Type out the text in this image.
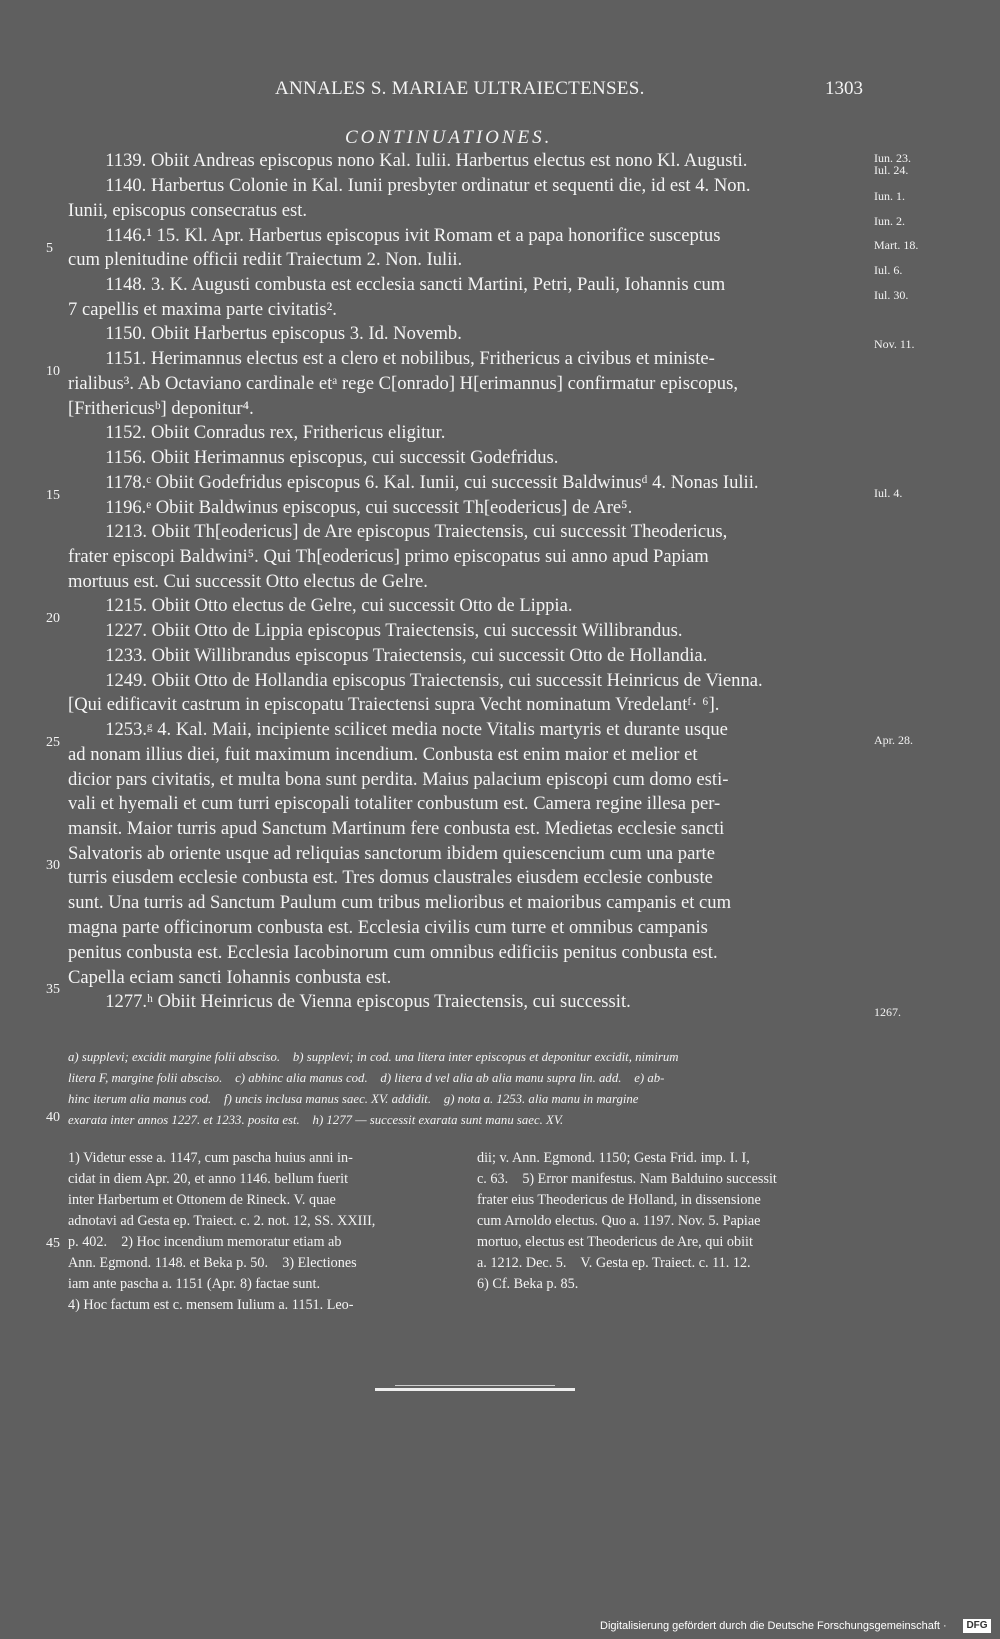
ANNALES S. MARIAE ULTRAIECTENSES.	1303
CONTINUATIONES.
1139. Obiit Andreas episcopus nono Kal. Iulii. Harbertus electus est nono Kl. Augusti.
1140. Harbertus Colonie in Kal. Iunii presbyter ordinatur et sequenti die, id est 4. Non.
Iunii, episcopus consecratus est.
1146.¹ 15. Kl. Apr. Harbertus episcopus ivit Romam et a papa honorifice susceptus
cum plenitudine officii rediit Traiectum 2. Non. Iulii.
1148. 3. K. Augusti combusta est ecclesia sancti Martini, Petri, Pauli, Iohannis cum
7 capellis et maxima parte civitatis².
1150. Obiit Harbertus episcopus 3. Id. Novemb.
1151. Herimannus electus est a clero et nobilibus, Frithericus a civibus et ministe-
rialibus³. Ab Octaviano cardinale etᵃ rege C[onrado] H[erimannus] confirmatur episcopus,
[Frithericusᵇ] deponitur⁴.
1152. Obiit Conradus rex, Frithericus eligitur.
1156. Obiit Herimannus episcopus, cui successit Godefridus.
1178.ᶜ Obiit Godefridus episcopus 6. Kal. Iunii, cui successit Baldwinusᵈ 4. Nonas Iulii.
1196.ᵉ Obiit Baldwinus episcopus, cui successit Th[eodericus] de Are⁵.
1213. Obiit Th[eodericus] de Are episcopus Traiectensis, cui successit Theodericus,
frater episcopi Baldwini⁵. Qui Th[eodericus] primo episcopatus sui anno apud Papiam
mortuus est. Cui successit Otto electus de Gelre.
1215. Obiit Otto electus de Gelre, cui successit Otto de Lippia.
1227. Obiit Otto de Lippia episcopus Traiectensis, cui successit Willibrandus.
1233. Obiit Willibrandus episcopus Traiectensis, cui successit Otto de Hollandia.
1249. Obiit Otto de Hollandia episcopus Traiectensis, cui successit Heinricus de Vienna.
[Qui edificavit castrum in episcopatu Traiectensi supra Vecht nominatum Vredelantᶠ· ⁶].
1253.ᵍ 4. Kal. Maii, incipiente scilicet media nocte Vitalis martyris et durante usque
ad nonam illius diei, fuit maximum incendium. Conbusta est enim maior et melior et
dicior pars civitatis, et multa bona sunt perdita. Maius palacium episcopi cum domo esti-
vali et hyemali et cum turri episcopali totaliter conbustum est. Camera regine illesa per-
mansit. Maior turris apud Sanctum Martinum fere conbusta est. Medietas ecclesie sancti
Salvatoris ab oriente usque ad reliquias sanctorum ibidem quiescencium cum una parte
turris eiusdem ecclesie conbusta est. Tres domus claustrales eiusdem ecclesie conbuste
sunt. Una turris ad Sanctum Paulum cum tribus melioribus et maioribus campanis et cum
magna parte officinorum conbusta est. Ecclesia civilis cum turre et omnibus campanis
penitus conbusta est. Ecclesia Iacobinorum cum omnibus edificiis penitus conbusta est.
Capella eciam sancti Iohannis conbusta est.
1277.ʰ Obiit Heinricus de Vienna episcopus Traiectensis, cui successit.
5
10
15
20
25
30
35
40
45
Iun. 23.
Iul. 24.
Iun. 1.
Iun. 2.
Mart. 18.
Iul. 6.
Iul. 30.
Nov. 11.
Iul. 4.
Apr. 28.
1267.
a) supplevi; excidit margine folii absciso.    b) supplevi; in cod. una litera inter episcopus et deponitur excidit, nimirum
litera F, margine folii absciso.    c) abhinc alia manus cod.    d) litera d vel alia ab alia manu supra lin. add.    e) ab-
hinc iterum alia manus cod.    f) uncis inclusa manus saec. XV. addidit.    g) nota a. 1253. alia manu in margine
exarata inter annos 1227. et 1233. posita est.    h) 1277 — successit exarata sunt manu saec. XV.
1) Videtur esse a. 1147, cum pascha huius anni in-
cidat in diem Apr. 20, et anno 1146. bellum fuerit
inter Harbertum et Ottonem de Rineck. V. quae
adnotavi ad Gesta ep. Traiect. c. 2. not. 12, SS. XXIII,
p. 402.    2) Hoc incendium memoratur etiam ab
Ann. Egmond. 1148. et Beka p. 50.    3) Electiones
iam ante pascha a. 1151 (Apr. 8) factae sunt.
4) Hoc factum est c. mensem Iulium a. 1151. Leo-
dii; v. Ann. Egmond. 1150; Gesta Frid. imp. I. I,
c. 63.    5) Error manifestus. Nam Balduino successit
frater eius Theodericus de Holland, in dissensione
cum Arnoldo electus. Quo a. 1197. Nov. 5. Papiae
mortuo, electus est Theodericus de Are, qui obiit
a. 1212. Dec. 5.    V. Gesta ep. Traiect. c. 11. 12.
6) Cf. Beka p. 85.
Digitalisierung gefördert durch die Deutsche Forschungsgemeinschaft ·	DFG
